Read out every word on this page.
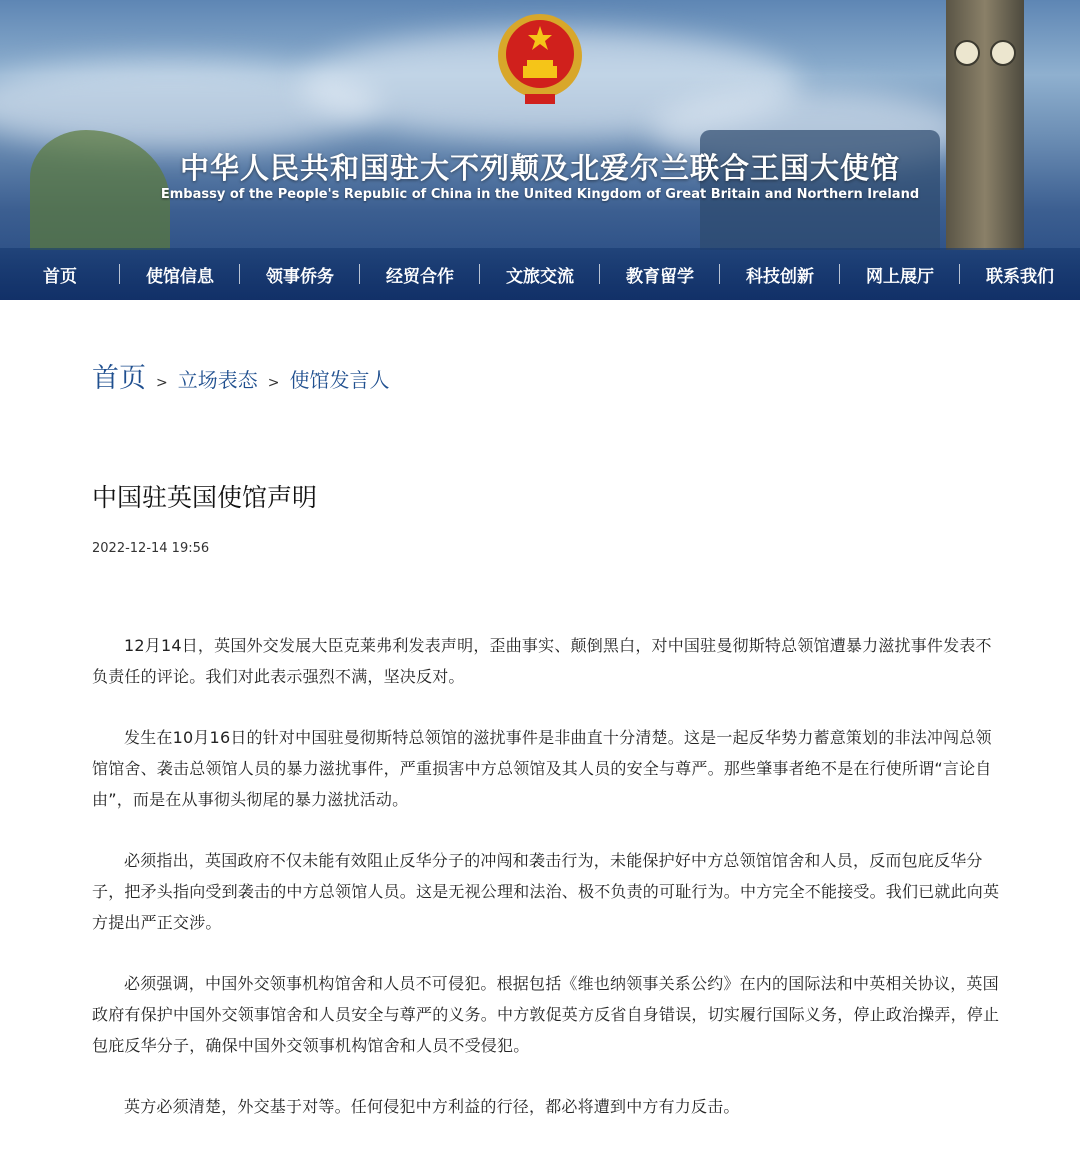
中华人民共和国驻大不列颠及北爱尔兰联合王国大使馆
Embassy of the People's Republic of China in the United Kingdom of Great Britain and Northern Ireland
首页	使馆信息	领事侨务	经贸合作	文旅交流	教育留学	科技创新	网上展厅	联系我们
首页 > 立场表态 > 使馆发言人
中国驻英国使馆声明
2022-12-14 19:56

12月14日，英国外交发展大臣克莱弗利发表声明，歪曲事实、颠倒黑白，对中国驻曼彻斯特总领馆遭暴力滋扰事件发表不负责任的评论。我们对此表示强烈不满，坚决反对。

发生在10月16日的针对中国驻曼彻斯特总领馆的滋扰事件是非曲直十分清楚。这是一起反华势力蓄意策划的非法冲闯总领馆馆舍、袭击总领馆人员的暴力滋扰事件，严重损害中方总领馆及其人员的安全与尊严。那些肇事者绝不是在行使所谓“言论自由”，而是在从事彻头彻尾的暴力滋扰活动。

必须指出，英国政府不仅未能有效阻止反华分子的冲闯和袭击行为，未能保护好中方总领馆馆舍和人员，反而包庇反华分子，把矛头指向受到袭击的中方总领馆人员。这是无视公理和法治、极不负责的可耻行为。中方完全不能接受。我们已就此向英方提出严正交涉。

必须强调，中国外交领事机构馆舍和人员不可侵犯。根据包括《维也纳领事关系公约》在内的国际法和中英相关协议，英国政府有保护中国外交领事馆舍和人员安全与尊严的义务。中方敦促英方反省自身错误，切实履行国际义务，停止政治操弄，停止包庇反华分子，确保中国外交领事机构馆舍和人员不受侵犯。

英方必须清楚，外交基于对等。任何侵犯中方利益的行径，都必将遭到中方有力反击。
